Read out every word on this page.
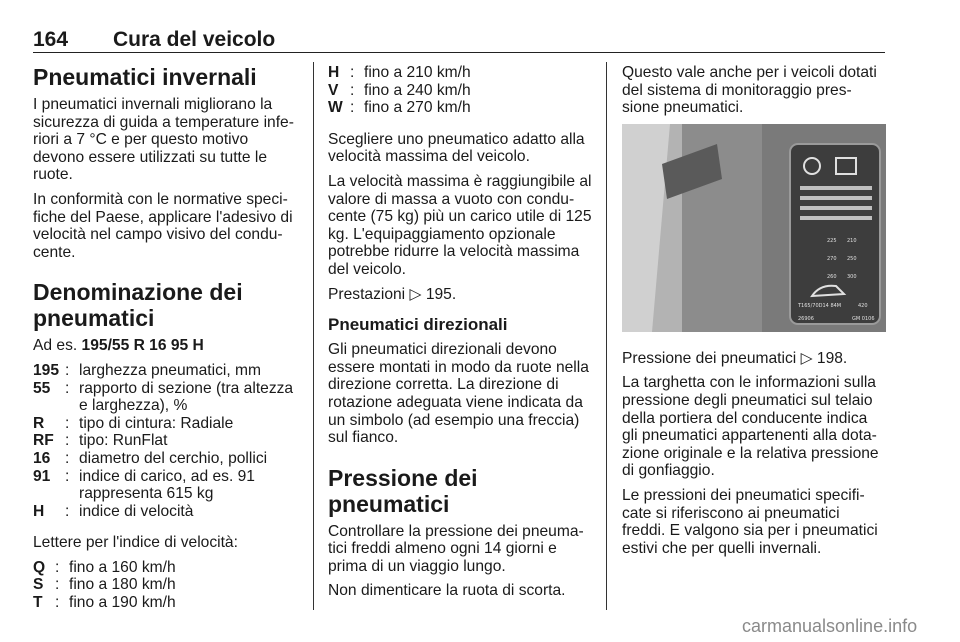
164 Cura del veicolo
Pneumatici invernali

I pneumatici invernali migliorano la sicurezza di guida a temperature infe- riori a 7 °C e per questo motivo devono essere utilizzati su tutte le ruote.

In conformità con le normative speci- fiche del Paese, applicare l'adesivo di velocità nel campo visivo del condu- cente.

Denominazione dei pneumatici

Ad es. 195/55 R 16 95 H

195 : larghezza pneumatici, mm
55 : rapporto di sezione (tra altezza e larghezza), %
R	: tipo di cintura: Radiale
RF : tipo: RunFlat
16 : diametro del cerchio, pollici
91 : indice di carico, ad es. 91 rappresenta 615 kg
H	: indice di velocità

Lettere per l'indice di velocità:

Q : fino a 160 km/h
S : fino a 180 km/h
T : fino a 190 km/h
H : fino a 210 km/h
V : fino a 240 km/h
W : fino a 270 km/h

Scegliere uno pneumatico adatto alla velocità massima del veicolo.

La velocità massima è raggiungibile al valore di massa a vuoto con condu- cente (75 kg) più un carico utile di 125 kg. L'equipaggiamento opzionale potrebbe ridurre la velocità massima del veicolo.

Prestazioni ▷ 195.

Pneumatici direzionali

Gli pneumatici direzionali devono essere montati in modo da ruote nella direzione corretta. La direzione di rotazione adeguata viene indicata da un simbolo (ad esempio una freccia) sul fianco.

Pressione dei pneumatici

Controllare la pressione dei pneuma- tici freddi almeno ogni 14 giorni e prima di un viaggio lungo.

Non dimenticare la ruota di scorta.

Questo vale anche per i veicoli dotati del sistema di monitoraggio pres- sione pneumatici.

225 210
270 250
260 300
T165/70D14 84M	420
26906	GM 0106

Pressione dei pneumatici ▷ 198.

La targhetta con le informazioni sulla pressione degli pneumatici sul telaio della portiera del conducente indica gli pneumatici appartenenti alla dota- zione originale e la relativa pressione di gonfiaggio.

Le pressioni dei pneumatici specifi- cate si riferiscono ai pneumatici freddi. E valgono sia per i pneumatici estivi che per quelli invernali.

carmanualsonline.info
